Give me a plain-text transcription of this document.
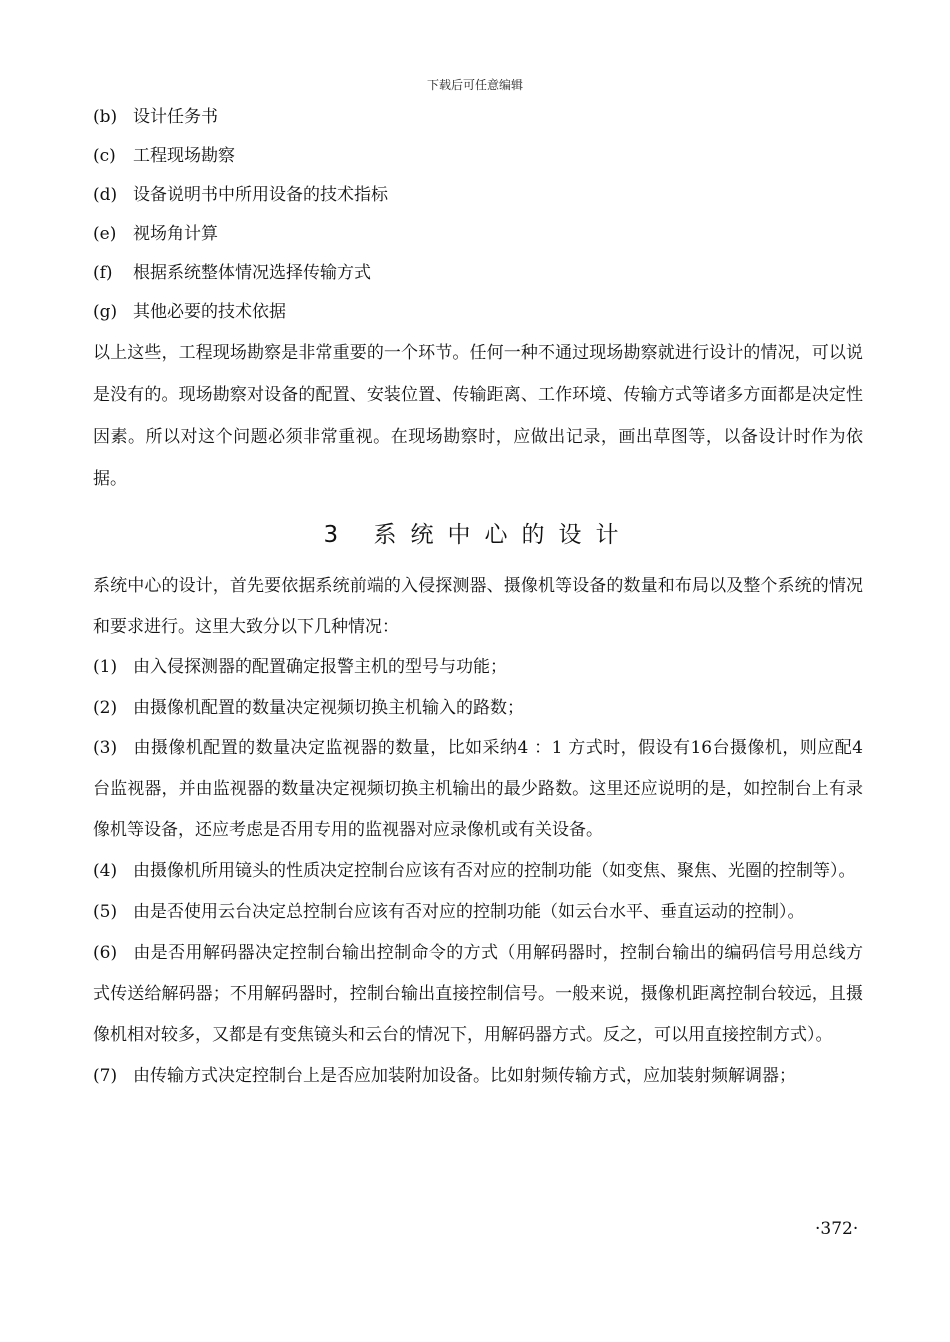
下载后可任意编辑
(b) 设计任务书
(c)	工程现场勘察
(d) 设备说明书中所用设备的技术指标
(e) 视场角计算
(f)	根据系统整体情况选择传输方式
(g) 其他必要的技术依据

以上这些，工程现场勘察是非常重要的一个环节。任何一种不通过现场勘察就进行设计的情况，可以说是没有的。现场勘察对设备的配置、安装位置、传输距离、工作环境、传输方式等诸多方面都是决定性因素。所以对这个问题必须非常重视。在现场勘察时，应做出记录，画出草图等，以备设计时作为依据。

3 系统中心的设计

系统中心的设计，首先要依据系统前端的入侵探测器、摄像机等设备的数量和布局以及整个系统的情况和要求进行。这里大致分以下几种情况：

(1) 由入侵探测器的配置确定报警主机的型号与功能；
(2) 由摄像机配置的数量决定视频切换主机输入的路数；
(3) 由摄像机配置的数量决定监视器的数量，比如采纳4 ：1 方式时，假设有16台摄像机，则应配4 台监视器，并由监视器的数量决定视频切换主机输出的最少路数。这里还应说明的是，如控制台上有录像机等设备，还应考虑是否用专用的监视器对应录像机或有关设备。
(4) 由摄像机所用镜头的性质决定控制台应该有否对应的控制功能（如变焦、聚焦、光圈的控制等）。
(5) 由是否使用云台决定总控制台应该有否对应的控制功能（如云台水平、垂直运动的控制）。
(6) 由是否用解码器决定控制台输出控制命令的方式（用解码器时，控制台输出的编码信号用总线方式传送给解码器；不用解码器时，控制台输出直接控制信号。一般来说，摄像机距离控制台较远，且摄像机相对较多，又都是有变焦镜头和云台的情况下，用解码器方式。反之，可以用直接控制方式）。
(7) 由传输方式决定控制台上是否应加装附加设备。比如射频传输方式，应加装射频解调器；
·372·
